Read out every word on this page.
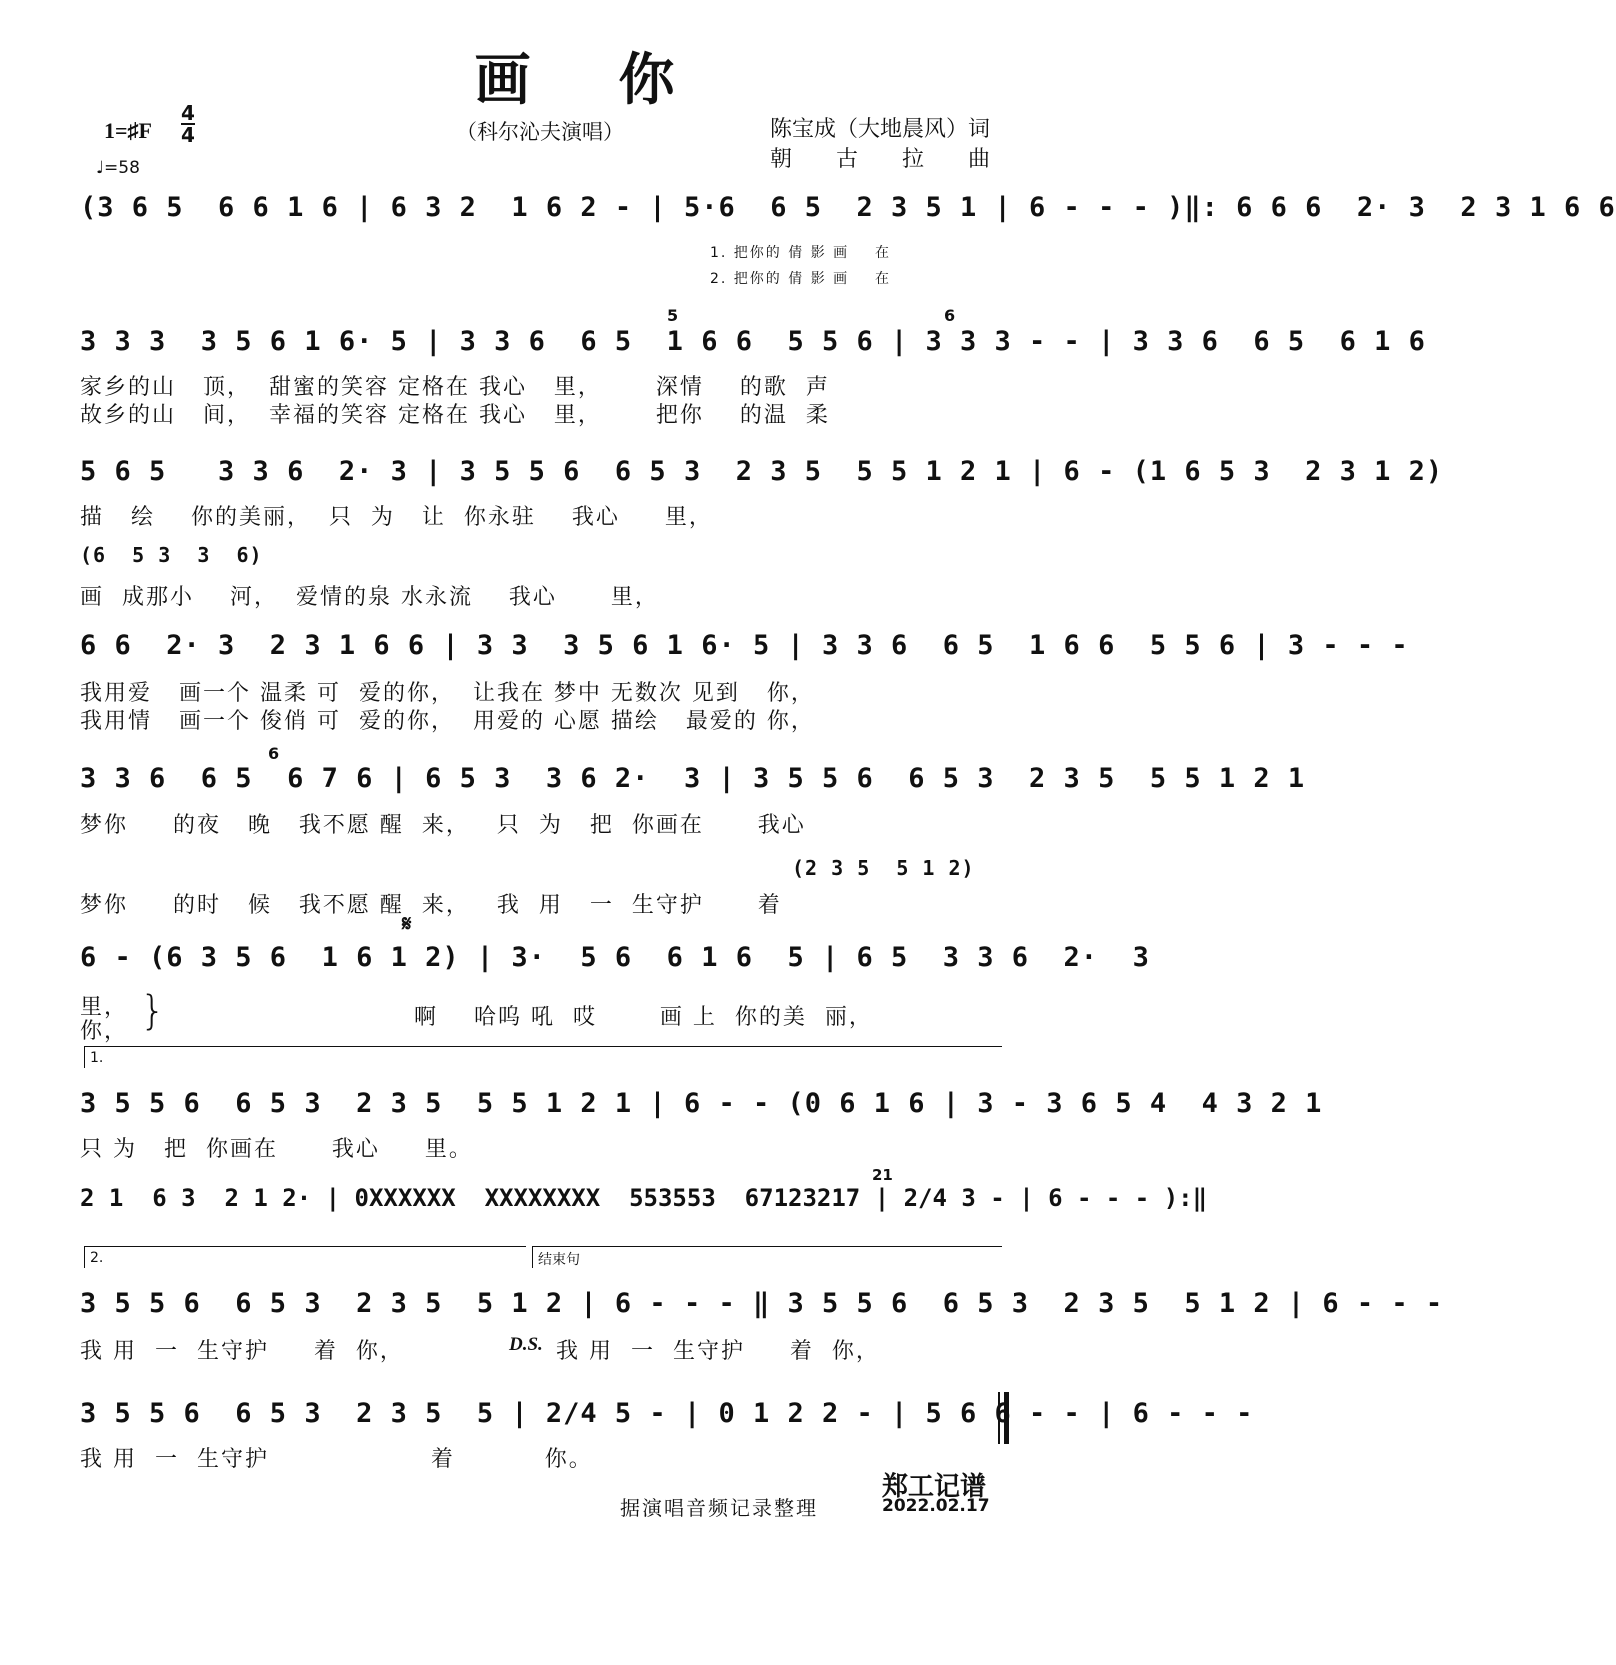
画    你
1=♯F
4
4
♩=58
（科尔沁夫演唱）	陈宝成（大地晨风）词
朝  古  拉  曲
(3 6 5  6 6 1 6 | 6 3 2  1 6 2 - | 5·6  6 5  2 3 5 1 | 6 - - - )‖: 6 6 6  2· 3  2 3 1 6 6
1. 把你的 倩 影 画    在
2. 把你的 倩 影 画    在
5	6
3 3 3  3 5 6 1 6· 5 | 3 3 6  6 5  1 6 6  5 5 6 | 3 3 3 - - | 3 3 6  6 5  6 1 6
家乡的山   顶，  甜蜜的笑容 定格在 我心   里，      深情    的歌  声
故乡的山   间，  幸福的笑容 定格在 我心   里，      把你    的温  柔
5 6 5   3 3 6  2· 3 | 3 5 5 6  6 5 3  2 3 5  5 5 1 2 1 | 6 - (1 6 5 3  2 3 1 2)
描   绘    你的美丽，  只  为   让  你永驻    我心     里，
(6  5 3  3  6)
画  成那小    河，  爱情的泉 水永流    我心      里，
6 6  2· 3  2 3 1 6 6 | 3 3  3 5 6 1 6· 5 | 3 3 6  6 5  1 6 6  5 5 6 | 3 - - -
我用爱   画一个 温柔 可  爱的你，  让我在 梦中 无数次 见到   你，
我用情   画一个 俊俏 可  爱的你，  用爱的 心愿 描绘   最爱的 你，
6
3 3 6  6 5  6 7 6 | 6 5 3  3 6 2·  3 | 3 5 5 6  6 5 3  2 3 5  5 5 1 2 1
梦你     的夜   晚   我不愿 醒  来，   只  为   把  你画在      我心
(2 3 5  5 1 2)
梦你     的时   候   我不愿 醒  来，   我  用   一  生守护      着
𝄋
6 - (6 3 5 6  1 6 1 2) | 3·  5 6  6 1 6  5 | 6 5  3 3 6  2·  3
里，
你， }	啊    哈呜 吼  哎       画 上  你的美  丽，
1.
3 5 5 6  6 5 3  2 3 5  5 5 1 2 1 | 6 - - (0 6 1 6 | 3 - 3 6 5 4  4 3 2 1
只 为   把  你画在      我心     里。
21
2 1  6 3  2 1 2· | 0XXXXXX  XXXXXXXX  553553  67123217 | 2/4 3 - | 6 - - - ):‖
2.	结束句
3 5 5 6  6 5 3  2 3 5  5 1 2 | 6 - - - ‖ 3 5 5 6  6 5 3  2 3 5  5 1 2 | 6 - - -
我 用  一  生守护     着  你，	D.S. 我 用  一  生守护     着  你，
3 5 5 6  6 5 3  2 3 5  5 | 2/4 5 - | 0 1 2 2 - | 5 6 6 - - | 6 - - -
我 用  一  生守护                  着          你。
据演唱音频记录整理
郑工记谱
2022.02.17
